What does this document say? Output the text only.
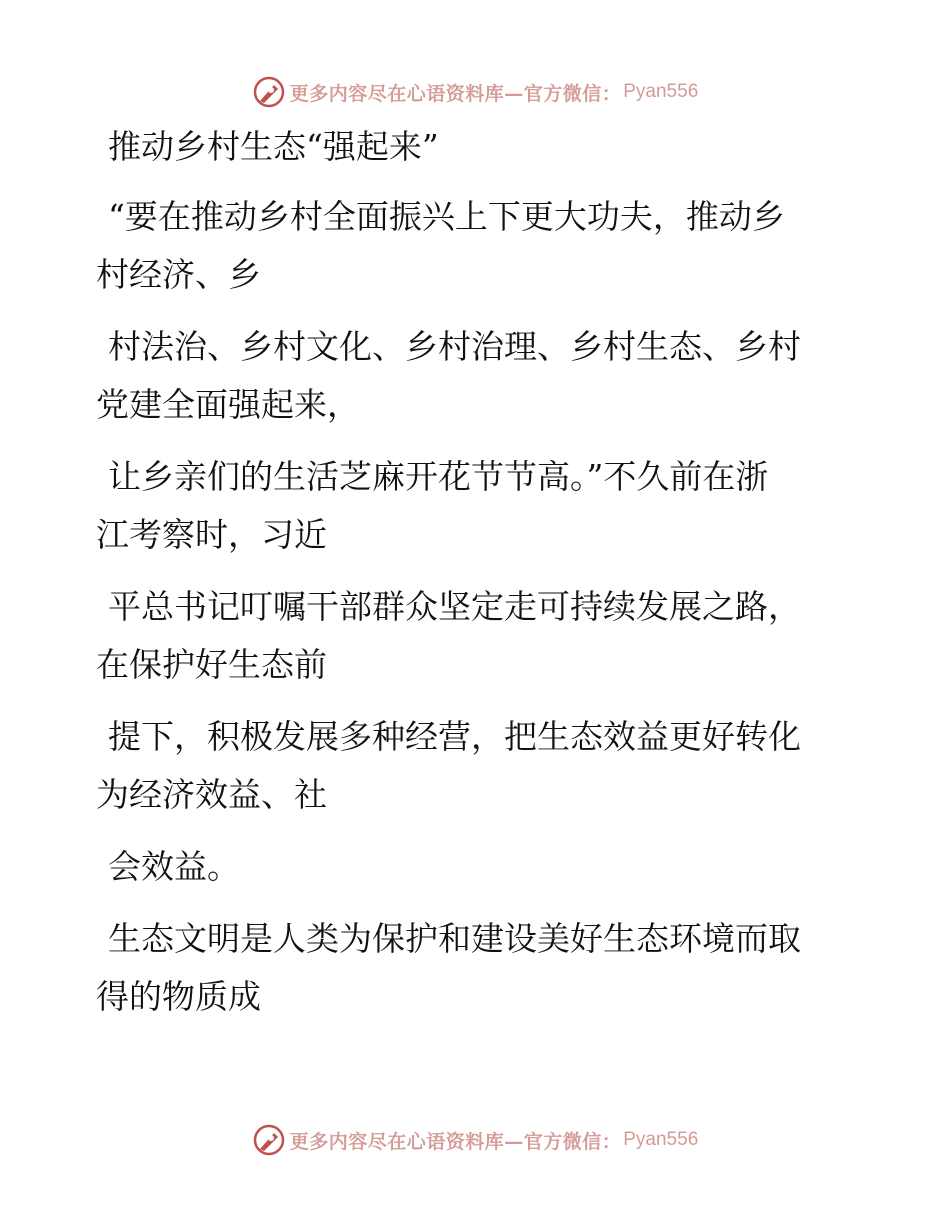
更多内容尽在心语资料库—官方微信： Pyan556

推动乡村生态“强起来”

“要在推动乡村全面振兴上下更大功夫，推动乡
村经济、乡
村法治、乡村文化、乡村治理、乡村生态、乡村
党建全面强起来，
让乡亲们的生活芝麻开花节节高。”不久前在浙
江考察时，习近
平总书记叮嘱干部群众坚定走可持续发展之路，
在保护好生态前
提下，积极发展多种经营，把生态效益更好转化
为经济效益、社
会效益。
生态文明是人类为保护和建设美好生态环境而取
得的物质成
更多内容尽在心语资料库—官方微信： Pyan556
